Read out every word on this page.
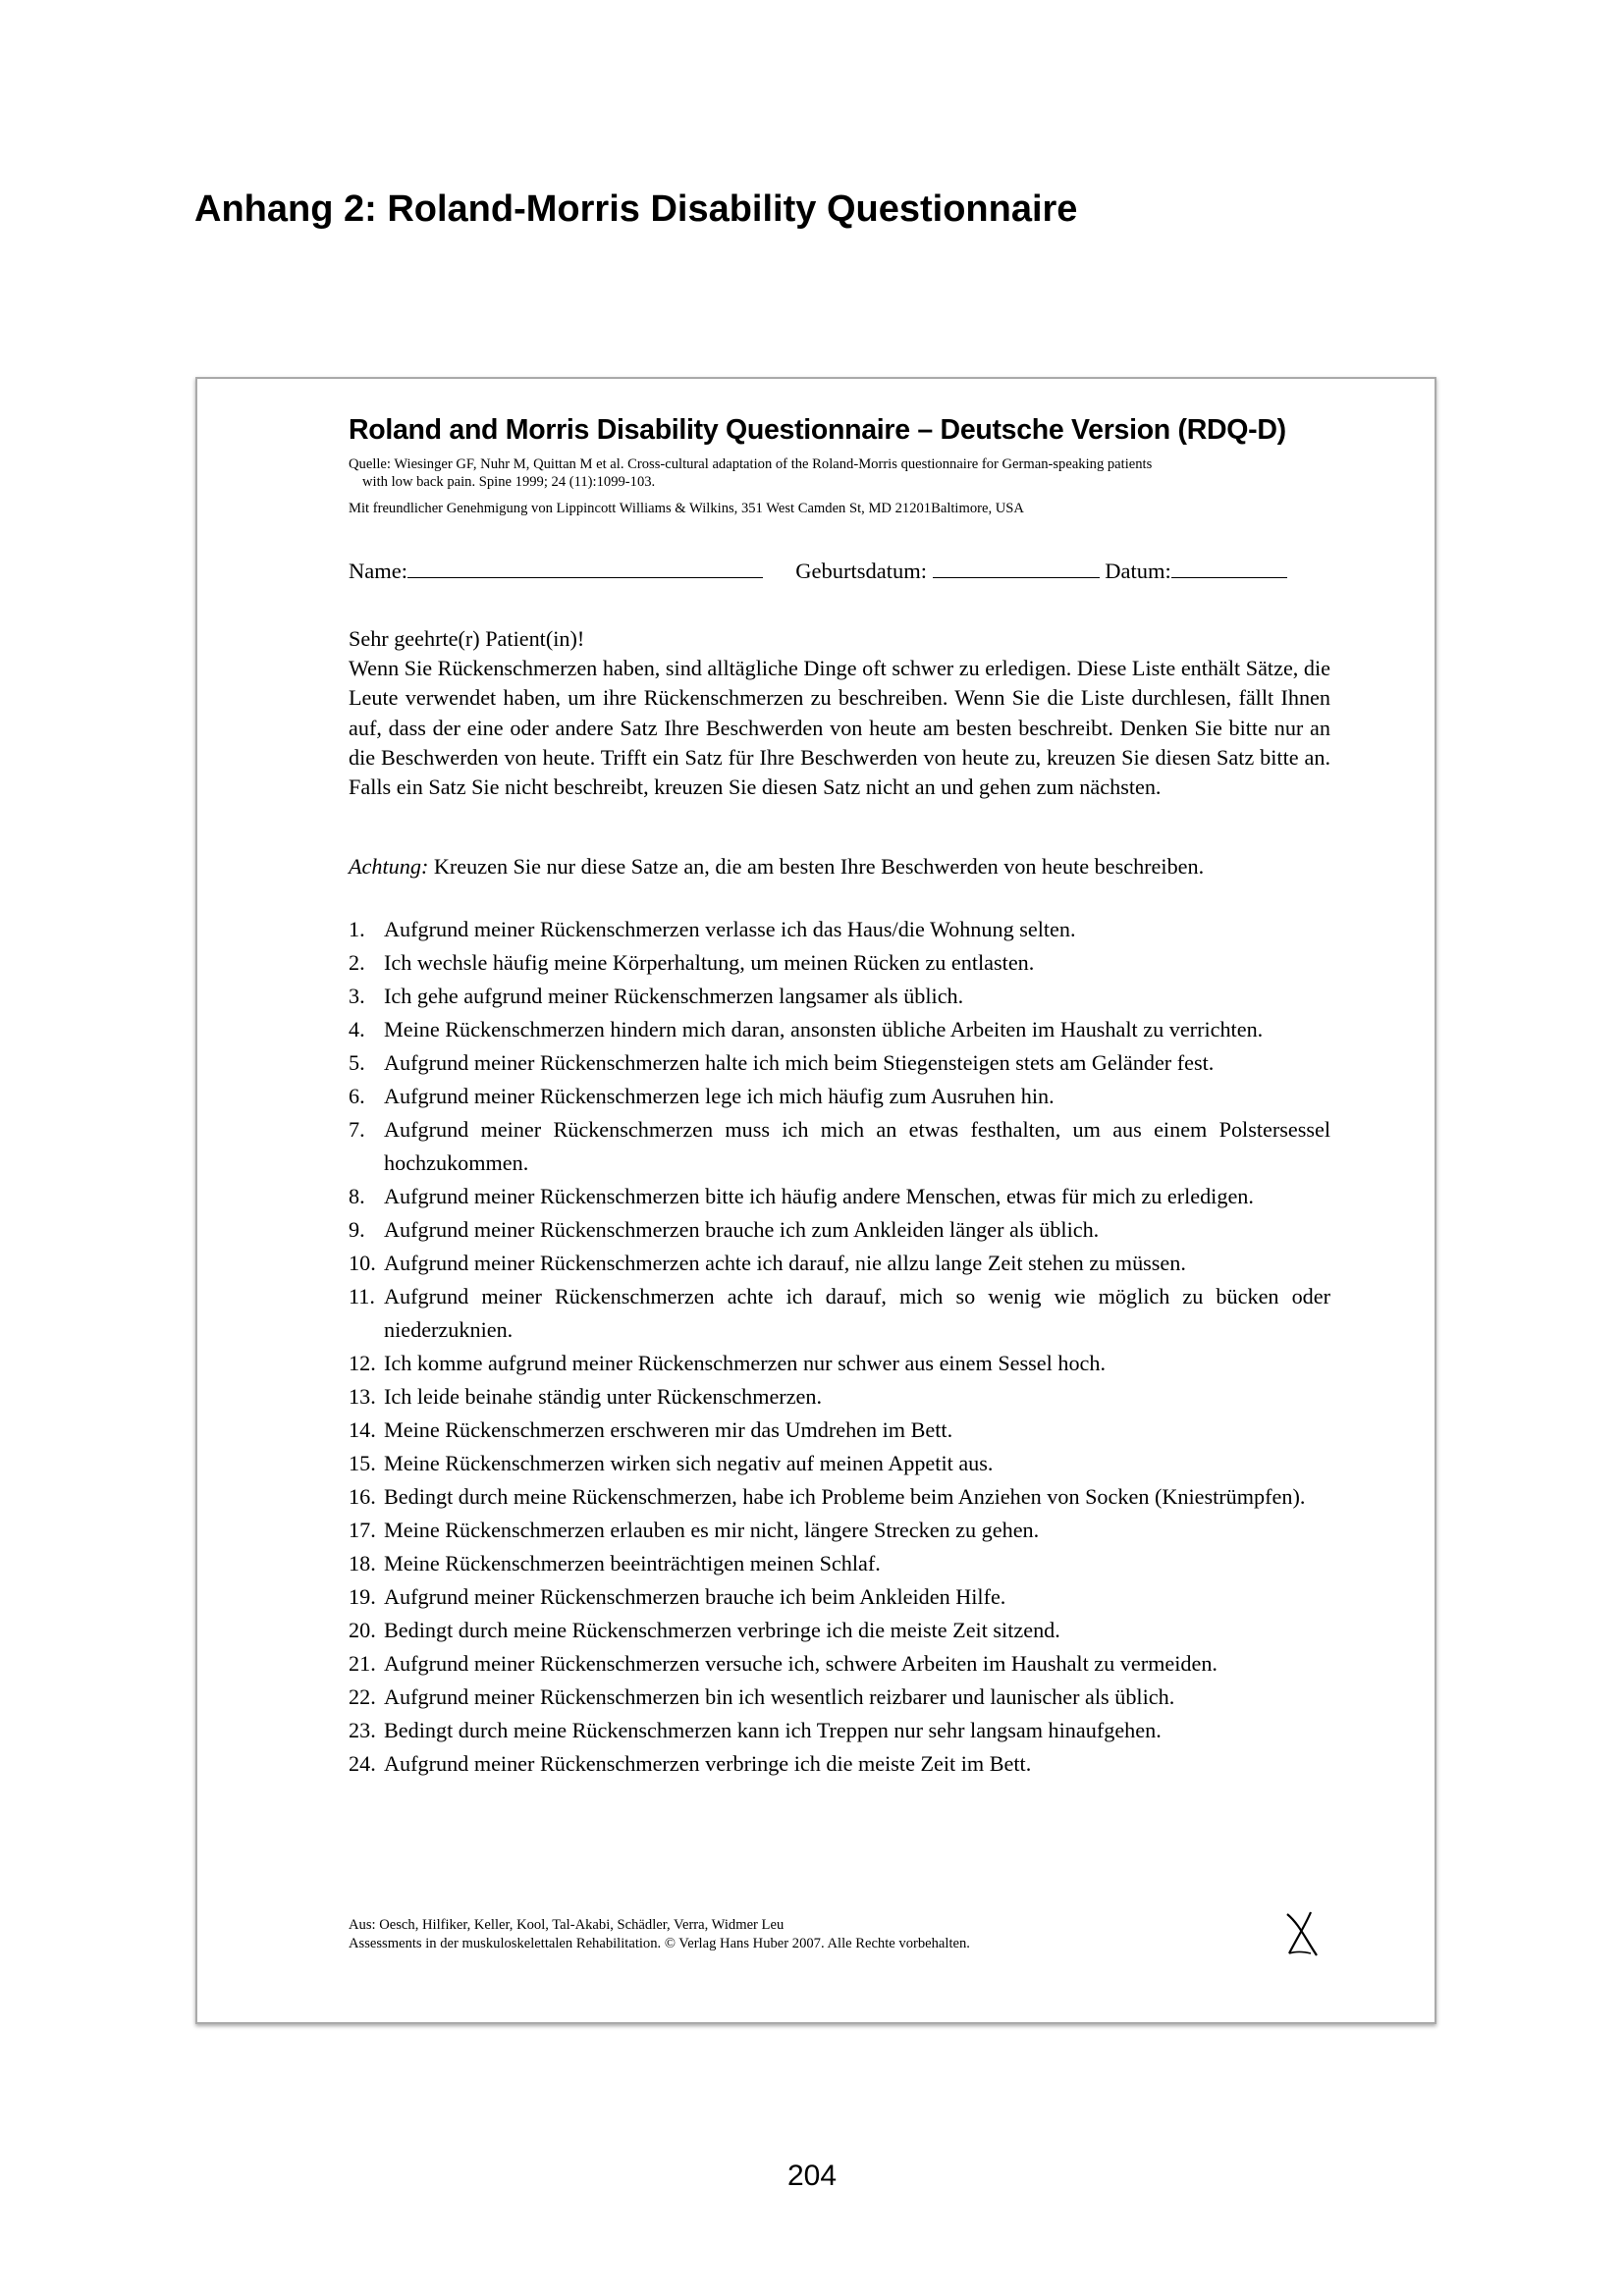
Anhang 2: Roland-Morris Disability Questionnaire
Roland and Morris Disability Questionnaire – Deutsche Version (RDQ-D)
Quelle: Wiesinger GF, Nuhr M, Quittan M et al. Cross-cultural adaptation of the Roland-Morris questionnaire for German-speaking patients
with low back pain. Spine 1999; 24 (11):1099-103.
Mit freundlicher Genehmigung von Lippincott Williams & Wilkins, 351 West Camden St, MD 21201Baltimore, USA
Name:	Geburtsdatum:	Datum:

Sehr geehrte(r) Patient(in)!

Wenn Sie Rückenschmerzen haben, sind alltägliche Dinge oft schwer zu erledigen. Diese Liste enthält Sätze, die Leute verwendet haben, um ihre Rückenschmerzen zu beschreiben. Wenn Sie die Liste durchlesen, fällt Ihnen auf, dass der eine oder andere Satz Ihre Beschwerden von heute am besten beschreibt. Denken Sie bitte nur an die Beschwerden von heute. Trifft ein Satz für Ihre Beschwerden von heute zu, kreuzen Sie diesen Satz bitte an. Falls ein Satz Sie nicht beschreibt, kreuzen Sie diesen Satz nicht an und gehen zum nächsten.

Achtung: Kreuzen Sie nur diese Satze an, die am besten Ihre Beschwerden von heute beschreiben.
1. Aufgrund meiner Rückenschmerzen verlasse ich das Haus/die Wohnung selten.
2. Ich wechsle häufig meine Körperhaltung, um meinen Rücken zu entlasten.
3. Ich gehe aufgrund meiner Rückenschmerzen langsamer als üblich.
4. Meine Rückenschmerzen hindern mich daran, ansonsten übliche Arbeiten im Haushalt zu verrichten.
5. Aufgrund meiner Rückenschmerzen halte ich mich beim Stiegensteigen stets am Geländer fest.
6. Aufgrund meiner Rückenschmerzen lege ich mich häufig zum Ausruhen hin.
7. Aufgrund meiner Rückenschmerzen muss ich mich an etwas festhalten, um aus einem Polstersessel hochzukommen.
8. Aufgrund meiner Rückenschmerzen bitte ich häufig andere Menschen, etwas für mich zu erledigen.
9. Aufgrund meiner Rückenschmerzen brauche ich zum Ankleiden länger als üblich.
10. Aufgrund meiner Rückenschmerzen achte ich darauf, nie allzu lange Zeit stehen zu müssen.
11. Aufgrund meiner Rückenschmerzen achte ich darauf, mich so wenig wie möglich zu bücken oder niederzuknien.
12. Ich komme aufgrund meiner Rückenschmerzen nur schwer aus einem Sessel hoch.
13. Ich leide beinahe ständig unter Rückenschmerzen.
14. Meine Rückenschmerzen erschweren mir das Umdrehen im Bett.
15. Meine Rückenschmerzen wirken sich negativ auf meinen Appetit aus.
16. Bedingt durch meine Rückenschmerzen, habe ich Probleme beim Anziehen von Socken (Kniestrümpfen).
17. Meine Rückenschmerzen erlauben es mir nicht, längere Strecken zu gehen.
18. Meine Rückenschmerzen beeinträchtigen meinen Schlaf.
19. Aufgrund meiner Rückenschmerzen brauche ich beim Ankleiden Hilfe.
20. Bedingt durch meine Rückenschmerzen verbringe ich die meiste Zeit sitzend.
21. Aufgrund meiner Rückenschmerzen versuche ich, schwere Arbeiten im Haushalt zu vermeiden.
22. Aufgrund meiner Rückenschmerzen bin ich wesentlich reizbarer und launischer als üblich.
23. Bedingt durch meine Rückenschmerzen kann ich Treppen nur sehr langsam hinaufgehen.
24. Aufgrund meiner Rückenschmerzen verbringe ich die meiste Zeit im Bett.
Aus: Oesch, Hilfiker, Keller, Kool, Tal-Akabi, Schädler, Verra, Widmer Leu
Assessments in der muskuloskelettalen Rehabilitation. © Verlag Hans Huber 2007. Alle Rechte vorbehalten.
204
